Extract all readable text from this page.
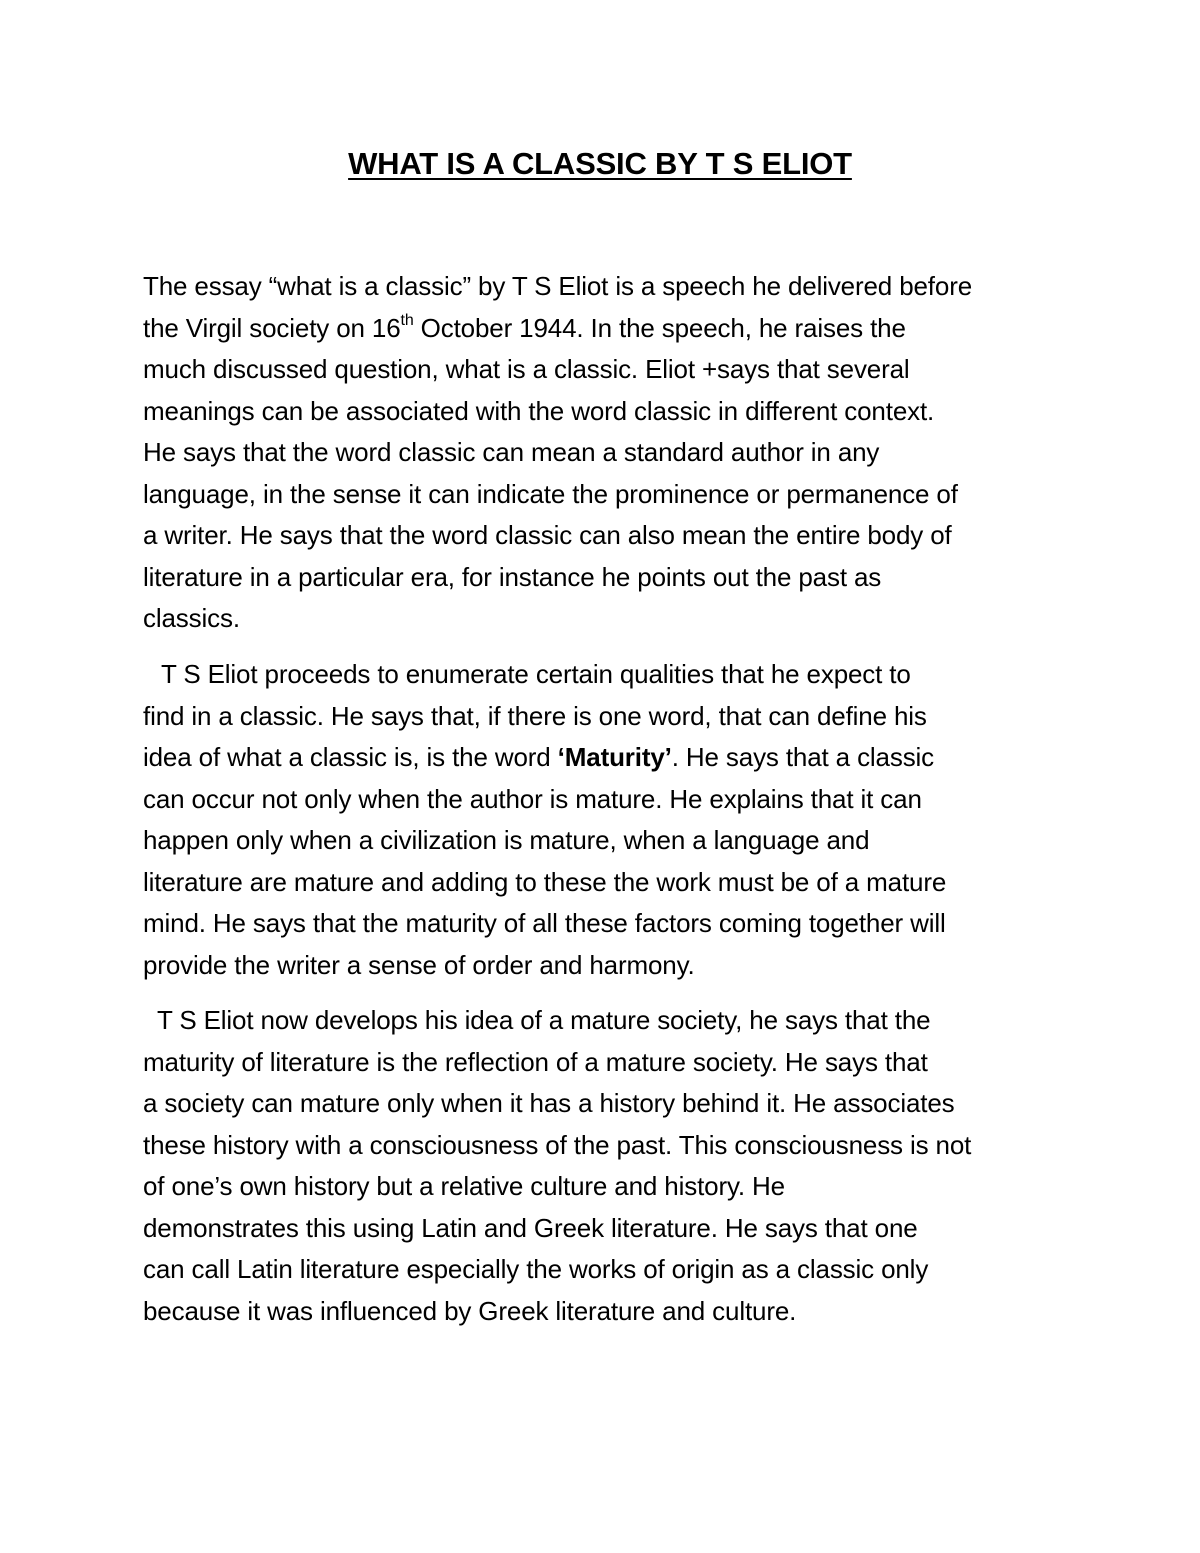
WHAT IS A CLASSIC BY T S ELIOT
The essay “what is a classic” by T S Eliot is a speech he delivered before
the Virgil society on 16th October 1944. In the speech, he raises the
much discussed question, what is a classic. Eliot +says that several
meanings can be associated with the word classic in different context.
He says that the word classic can mean a standard author in any
language, in the sense it can indicate the prominence or permanence of
a writer. He says that the word classic can also mean the entire body of
literature in a particular era, for instance he points out the past as
classics.
T S Eliot proceeds to enumerate certain qualities that he expect to
find in a classic. He says that, if there is one word, that can define his
idea of what a classic is, is the word ‘Maturity’. He says that a classic
can occur not only when the author is mature. He explains that it can
happen only when a civilization is mature, when a language and
literature are mature and adding to these the work must be of a mature
mind. He says that the maturity of all these factors coming together will
provide the writer a sense of order and harmony.
T S Eliot now develops his idea of a mature society, he says that the
maturity of literature is the reflection of a mature society. He says that
a society can mature only when it has a history behind it. He associates
these history with a consciousness of the past. This consciousness is not
of one’s own history but a relative culture and history. He
demonstrates this using Latin and Greek literature. He says that one
can call Latin literature especially the works of origin as a classic only
because it was influenced by Greek literature and culture.
